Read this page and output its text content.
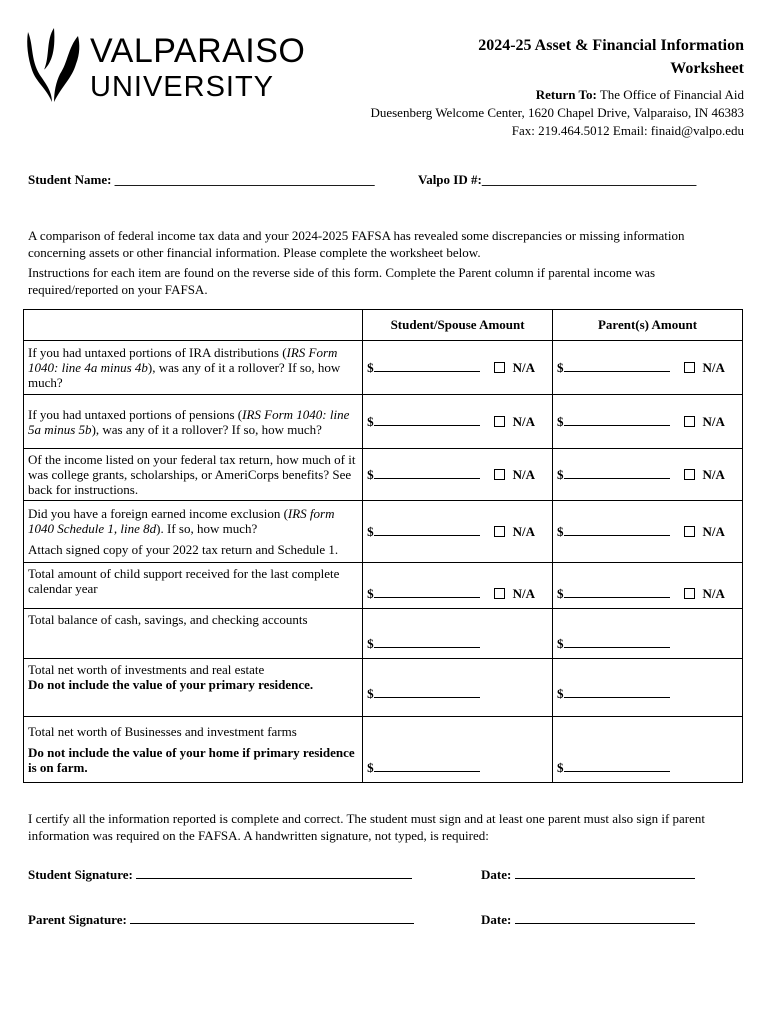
VALPARAISO
UNIVERSITY
2024-25 Asset & Financial Information
Worksheet
Return To: The Office of Financial Aid
Duesenberg Welcome Center, 1620 Chapel Drive, Valparaiso, IN 46383
Fax: 219.464.5012 Email: finaid@valpo.edu
Student Name: ________________________________________	Valpo ID #:_________________________________
A comparison of federal income tax data and your 2024-2025 FAFSA has revealed some discrepancies or missing information concerning assets or other financial information. Please complete the worksheet below.
Instructions for each item are found on the reverse side of this form. Complete the Parent column if parental income was required/reported on your FAFSA.
	Student/Spouse Amount	Parent(s) Amount
If you had untaxed portions of IRA distributions (IRS Form 1040: line 4a minus 4b), was any of it a rollover? If so, how much?	$ N/A	$ N/A
If you had untaxed portions of pensions (IRS Form 1040: line 5a minus 5b), was any of it a rollover? If so, how much?	$ N/A	$ N/A
Of the income listed on your federal tax return, how much of it was college grants, scholarships, or AmeriCorps benefits? See back for instructions.	$ N/A	$ N/A
Did you have a foreign earned income exclusion (IRS form 1040 Schedule 1, line 8d). If so, how much?
Attach signed copy of your 2022 tax return and Schedule 1.	$ N/A	$ N/A
Total amount of child support received for the last complete calendar year	$ N/A	$ N/A
Total balance of cash, savings, and checking accounts	$	$

Total net worth of investments and real estate
Do not include the value of your primary residence.	$	$

Total net worth of Businesses and investment farms
Do not include the value of your home if primary residence is on farm.	$	$
I certify all the information reported is complete and correct. The student must sign and at least one parent must also sign if parent information was required on the FAFSA. A handwritten signature, not typed, is required:
Student Signature:	Date:
Parent Signature:	Date:
